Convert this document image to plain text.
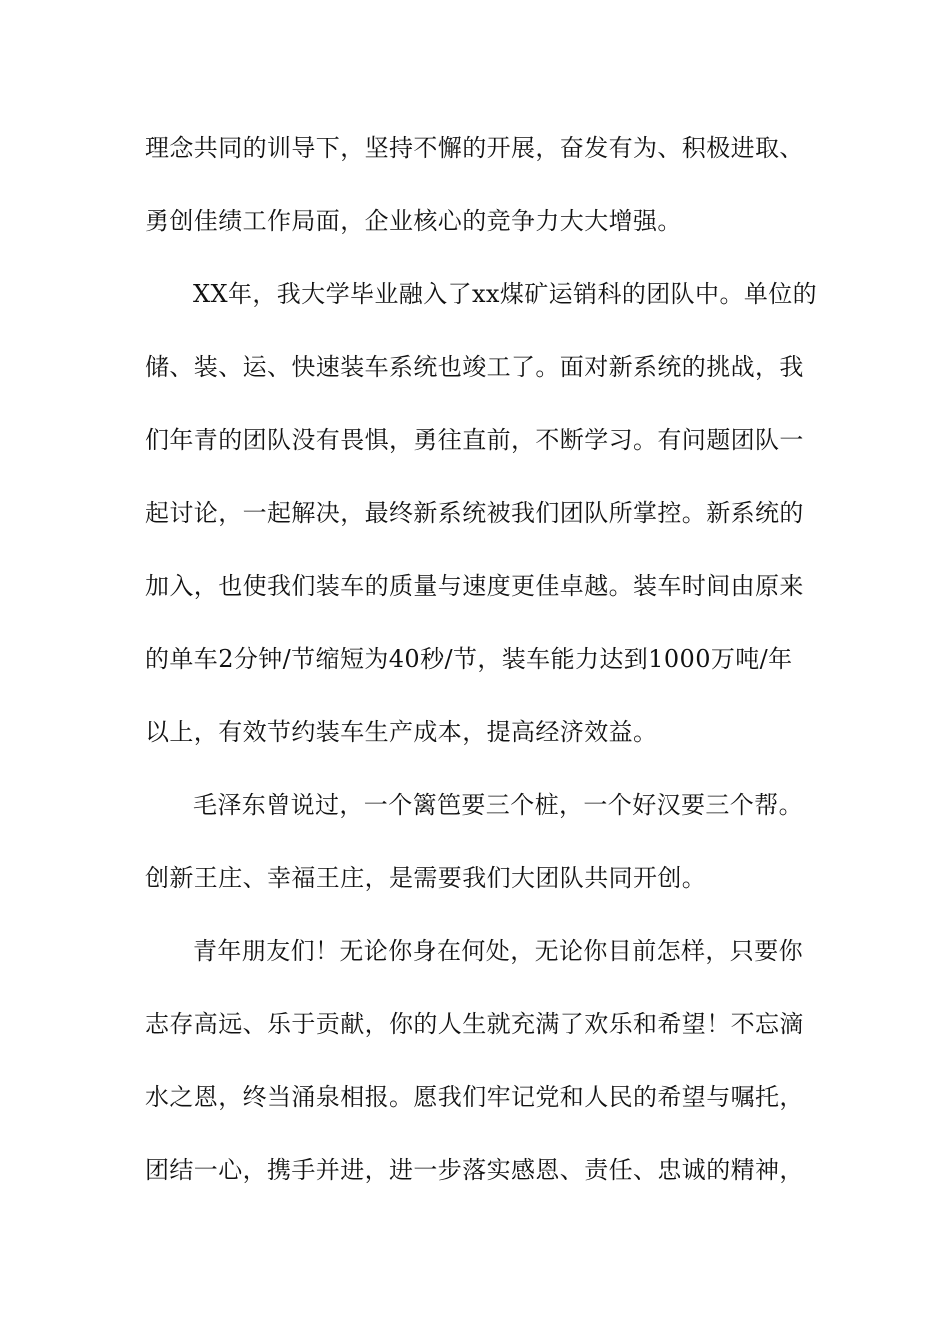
理念共同的训导下，坚持不懈的开展，奋发有为、积极进取、
勇创佳绩工作局面，企业核心的竞争力大大增强。
XX年，我大学毕业融入了xx煤矿运销科的团队中。单位的
储、装、运、快速装车系统也竣工了。面对新系统的挑战，我
们年青的团队没有畏惧，勇往直前，不断学习。有问题团队一
起讨论，一起解决，最终新系统被我们团队所掌控。新系统的
加入，也使我们装车的质量与速度更佳卓越。装车时间由原来
的单车2分钟/节缩短为40秒/节，装车能力达到1000万吨/年
以上，有效节约装车生产成本，提高经济效益。
毛泽东曾说过，一个篱笆要三个桩，一个好汉要三个帮。
创新王庄、幸福王庄，是需要我们大团队共同开创。
青年朋友们！无论你身在何处，无论你目前怎样，只要你
志存高远、乐于贡献，你的人生就充满了欢乐和希望！不忘滴
水之恩，终当涌泉相报。愿我们牢记党和人民的希望与嘱托，
团结一心，携手并进，进一步落实感恩、责任、忠诚的精神，
